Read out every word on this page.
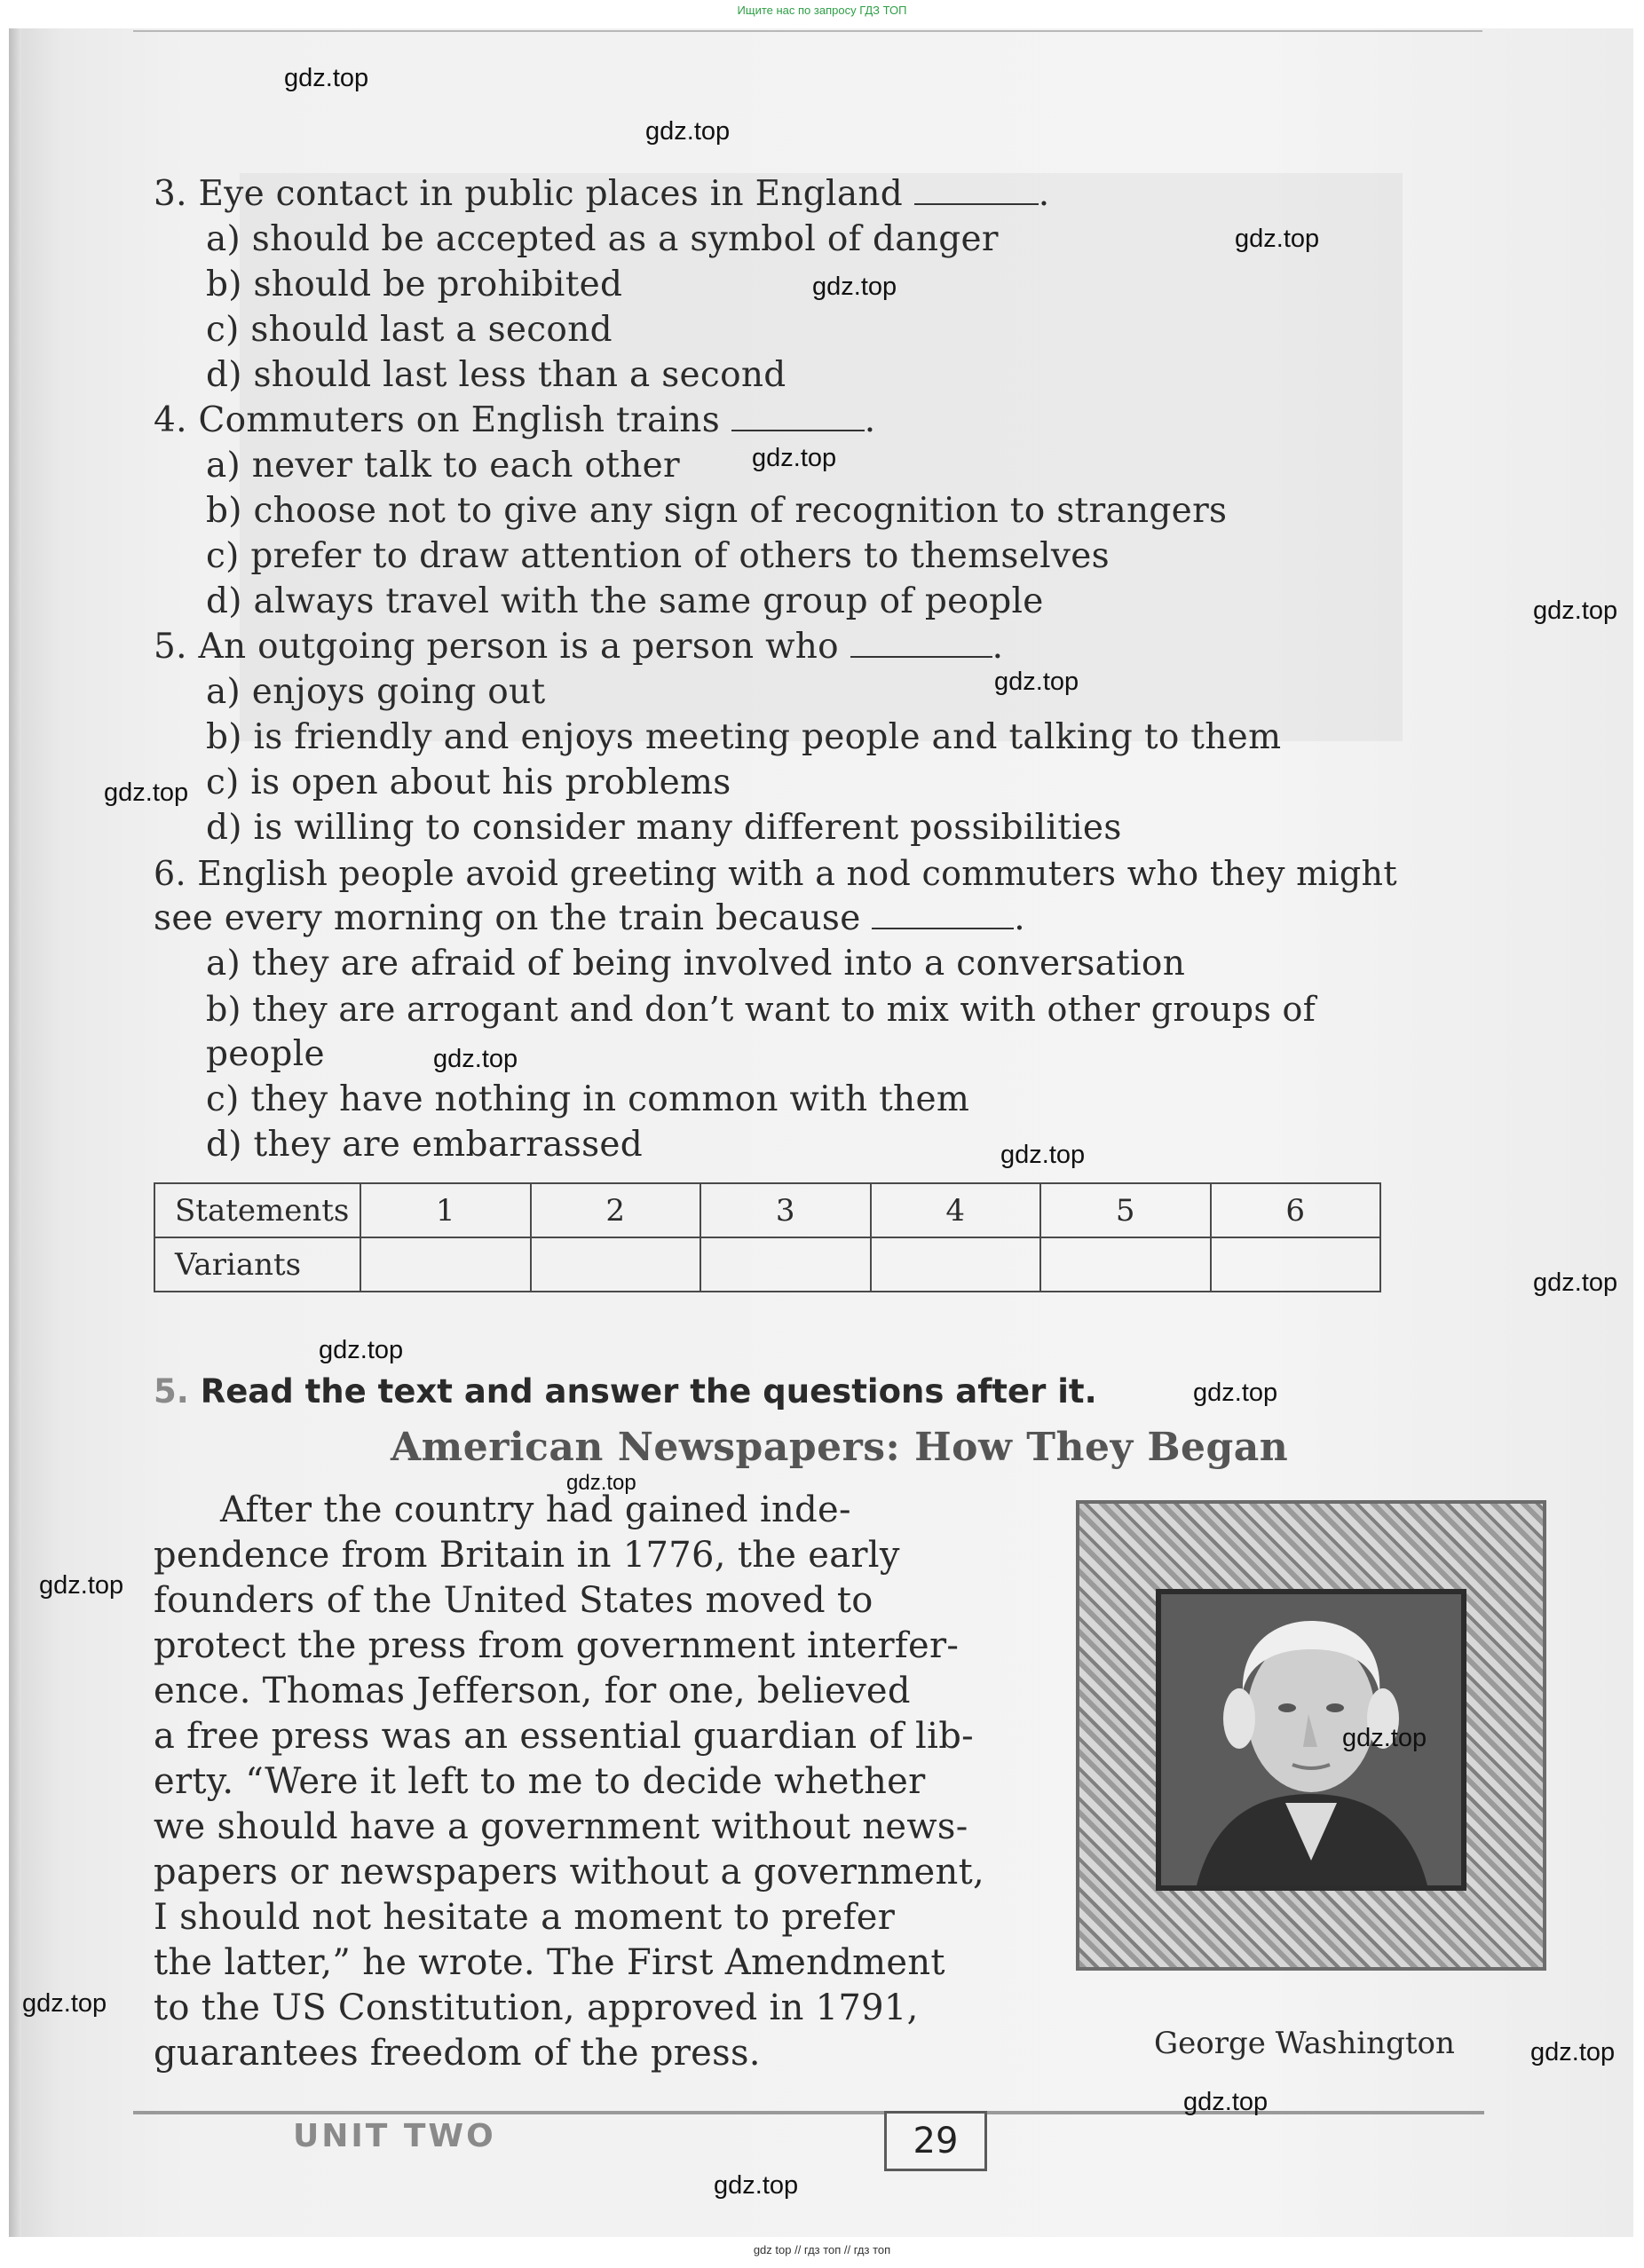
Ищите нас по запросу ГДЗ ТОП
3. Eye contact in public places in England	.
a) should be accepted as a symbol of danger
b) should be prohibited
c) should last a second
d) should last less than a second
4. Commuters on English trains	.
a) never talk to each other
b) choose not to give any sign of recognition to strangers
c) prefer to draw attention of others to themselves
d) always travel with the same group of people
5. An outgoing person is a person who	.
a) enjoys going out
b) is friendly and enjoys meeting people and talking to them
c) is open about his problems
d) is willing to consider many different possibilities
6. English people avoid greeting with a nod commuters who they might
see every morning on the train because	.
a) they are afraid of being involved into a conversation
b) they are arrogant and don’t want to mix with other groups of
people
c) they have nothing in common with them
d) they are embarrassed
Statements	1	2	3	4	5	6
Variants						
5. Read the text and answer the questions after it.
American Newspapers: How They Began
After the country had gained inde-
pendence from Britain in 1776, the early
founders of the United States moved to
protect the press from government interfer-
ence. Thomas Jefferson, for one, believed
a free press was an essential guardian of lib-
erty. “Were it left to me to decide whether
we should have a government without news-
papers or newspapers without a government,
I should not hesitate a moment to prefer
the latter,” he wrote. The First Amendment
to the US Constitution, approved in 1791,
guarantees freedom of the press.	George Washington
UNIT TWO	29
gdz.top
gdz.top
gdz.top
gdz.top
gdz.top
gdz.top
gdz.top
gdz.top
gdz.top
gdz.top
gdz.top
gdz.top
gdz.top
gdz.top
gdz.top
gdz.top
gdz.top
gdz.top
gdz.top
gdz.top
gdz top // гдз топ // гдз топ
